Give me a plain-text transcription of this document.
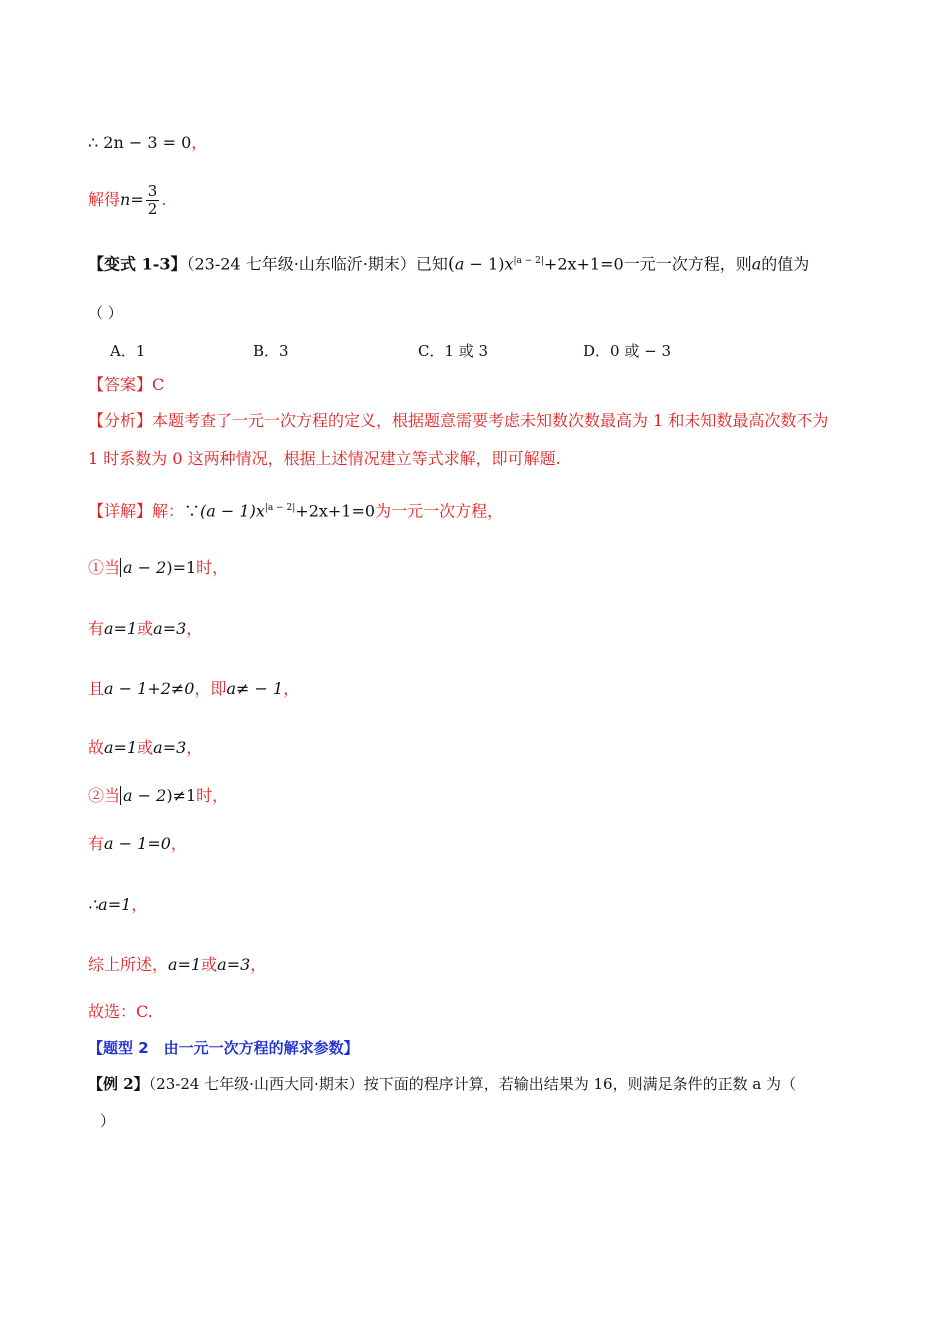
∴ 2n − 3 = 0，
解得$n= \frac{3}{2}$ .
【变式 1-3】（23-24 七年级·山东临沂·期末）已知$(a - 1)x^{|a - 2|}+2x+1=0$一元一次方程，则a的值为
（ ）
A．1	B．3	C．1 或 3	D．0 或 − 3
【答案】C
【分析】本题考查了一元一次方程的定义，根据题意需要考虑未知数次数最高为 1 和未知数最高次数不为
1 时系数为 0 这两种情况，根据上述情况建立等式求解，即可解题.
【详解】解：∵(a − $1)x^{|a - 2|}+2x+1=0$为一元一次方程，
①当 a − 2)=1时，
有a=1或a=3，
且a − 1+2≠0，即a≠ − 1，
故a=1或a=3，
②当 a − 2)≠1时，
有a − 1=0，
∴a=1，
综上所述，a=1或a=3，
故选：C.
【题型 2　由一元一次方程的解求参数】
【例 2】（23-24 七年级·山西大同·期末）按下面的程序计算，若输出结果为 16，则满足条件的正数 a 为（
）
